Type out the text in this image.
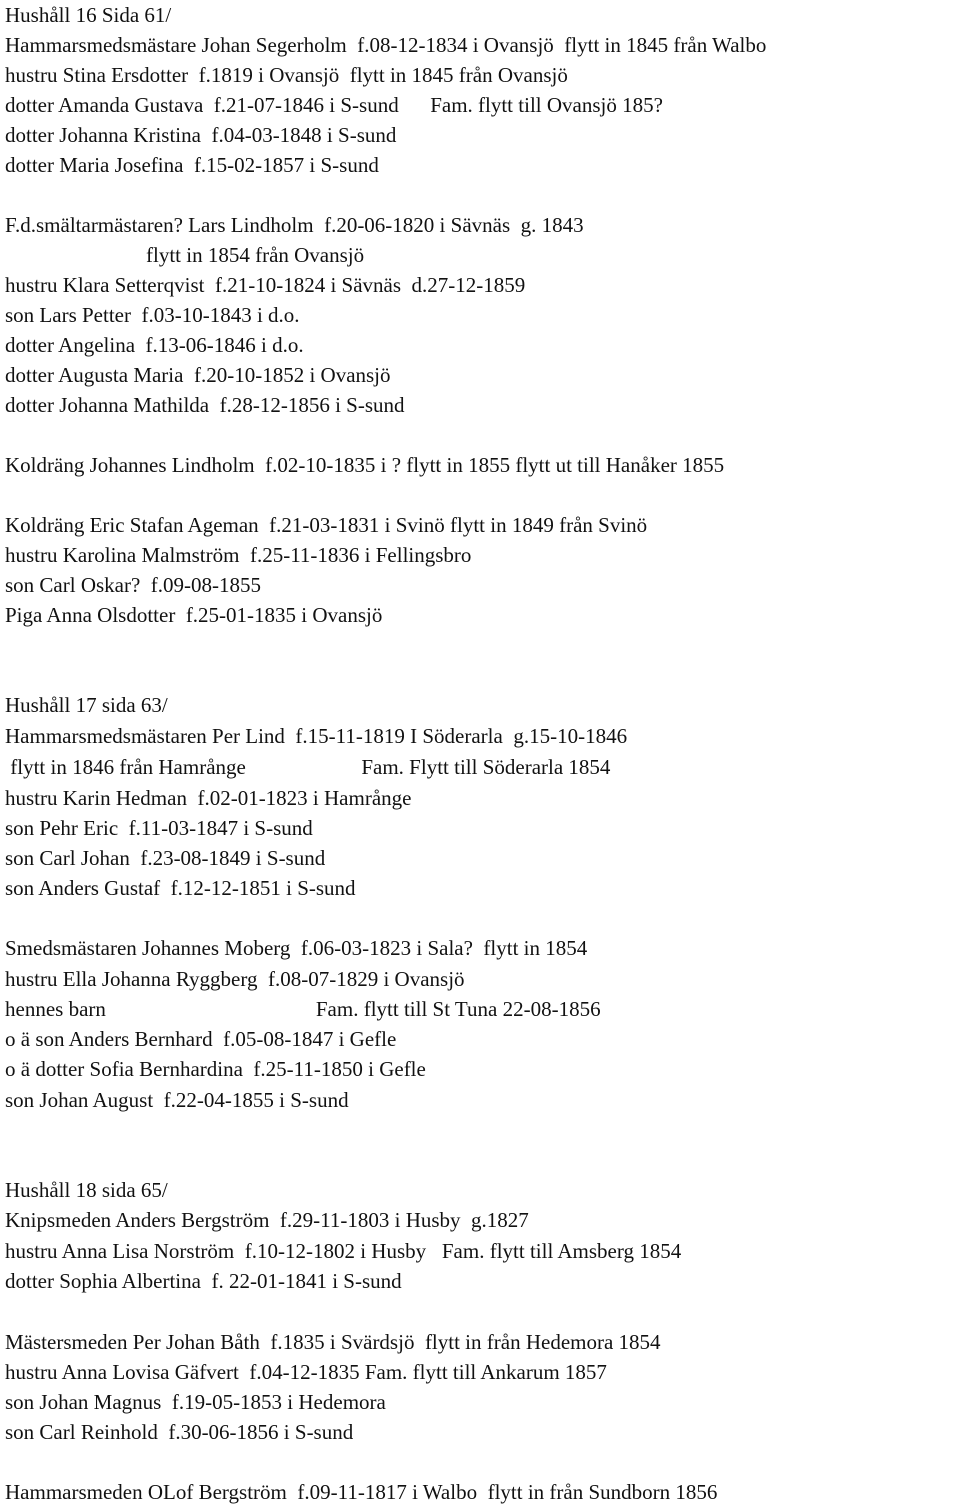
Hushåll 16 Sida 61/
Hammarsmedsmästare Johan Segerholm  f.08-12-1834 i Ovansjö  flytt in 1845 från Walbo
hustru Stina Ersdotter  f.1819 i Ovansjö  flytt in 1845 från Ovansjö
dotter Amanda Gustava  f.21-07-1846 i S-sund      Fam. flytt till Ovansjö 185?
dotter Johanna Kristina  f.04-03-1848 i S-sund
dotter Maria Josefina  f.15-02-1857 i S-sund
F.d.smältarmästaren? Lars Lindholm  f.20-06-1820 i Sävnäs  g. 1843
flytt in 1854 från Ovansjö
hustru Klara Setterqvist  f.21-10-1824 i Sävnäs  d.27-12-1859
son Lars Petter  f.03-10-1843 i d.o.
dotter Angelina  f.13-06-1846 i d.o.
dotter Augusta Maria  f.20-10-1852 i Ovansjö
dotter Johanna Mathilda  f.28-12-1856 i S-sund
Koldräng Johannes Lindholm  f.02-10-1835 i ? flytt in 1855 flytt ut till Hanåker 1855
Koldräng Eric Stafan Ageman  f.21-03-1831 i Svinö flytt in 1849 från Svinö
hustru Karolina Malmström  f.25-11-1836 i Fellingsbro
son Carl Oskar?  f.09-08-1855
Piga Anna Olsdotter  f.25-01-1835 i Ovansjö
Hushåll 17 sida 63/
Hammarsmedsmästaren Per Lind  f.15-11-1819 I Söderarla  g.15-10-1846
flytt in 1846 från Hamrånge                      Fam. Flytt till Söderarla 1854
hustru Karin Hedman  f.02-01-1823 i Hamrånge
son Pehr Eric  f.11-03-1847 i S-sund
son Carl Johan  f.23-08-1849 i S-sund
son Anders Gustaf  f.12-12-1851 i S-sund
Smedsmästaren Johannes Moberg  f.06-03-1823 i Sala?  flytt in 1854
hustru Ella Johanna Ryggberg  f.08-07-1829 i Ovansjö
hennes barn                                        Fam. flytt till St Tuna 22-08-1856
o ä son Anders Bernhard  f.05-08-1847 i Gefle
o ä dotter Sofia Bernhardina  f.25-11-1850 i Gefle
son Johan August  f.22-04-1855 i S-sund
Hushåll 18 sida 65/
Knipsmeden Anders Bergström  f.29-11-1803 i Husby  g.1827
hustru Anna Lisa Norström  f.10-12-1802 i Husby   Fam. flytt till Amsberg 1854
dotter Sophia Albertina  f. 22-01-1841 i S-sund
Mästersmeden Per Johan Båth  f.1835 i Svärdsjö  flytt in från Hedemora 1854
hustru Anna Lovisa Gäfvert  f.04-12-1835 Fam. flytt till Ankarum 1857
son Johan Magnus  f.19-05-1853 i Hedemora
son Carl Reinhold  f.30-06-1856 i S-sund
Hammarsmeden OLof Bergström  f.09-11-1817 i Walbo  flytt in från Sundborn 1856
